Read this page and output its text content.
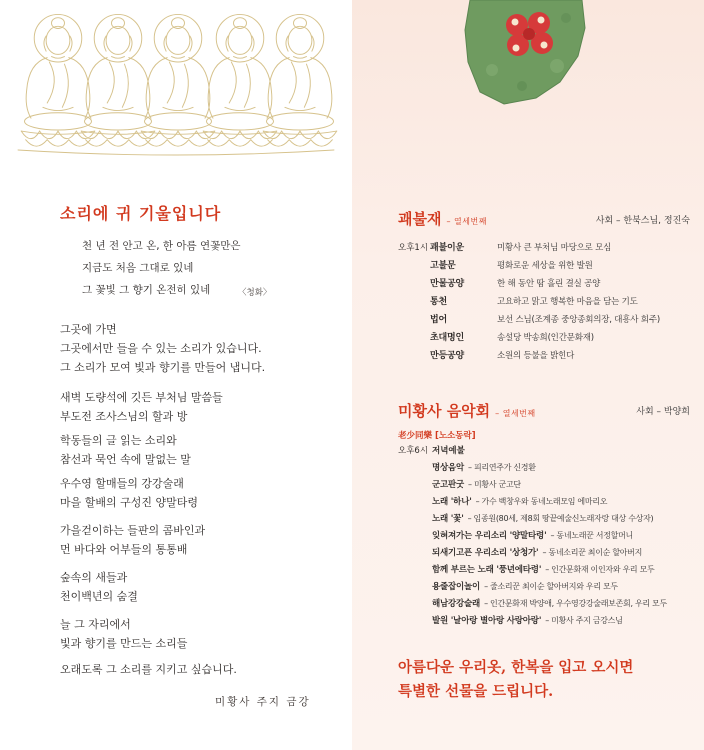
소리에 귀 기울입니다
천 년 전 안고 온, 한 아름 연꽃만은
지금도 처음 그대로 있네
그 꽃빛 그 향기 온전히 있네	〈청화〉
그곳에 가면
그곳에서만 들을 수 있는 소리가 있습니다.
그 소리가 모여 빛과 향기를 만들어 냅니다.
새벽 도량석에 깃든 부처님 말씀들
부도전 조사스님의 할과 방
학동들의 글 읽는 소리와
참선과 묵언 속에 말없는 말
우수영 할매들의 강강술래
마을 할배의 구성진 양말타령
가을걷이하는 들판의 콤바인과
먼 바다와 어부들의 통통배
숲속의 새들과
천이백년의 숨결
늘 그 자리에서
빛과 향기를 만드는 소리들
오래도록 그 소리를 지키고 싶습니다.
미황사 주지 금강
괘불재 – 열세번째	사회 – 한북스님, 정진숙
오후1시 괘불이운	미황사 큰 부처님 마당으로 모심
고불문	평화로운 세상을 위한 발원
만물공양	한 해 동안 땀 흘린 결실 공양
통천	고요하고 맑고 행복한 마음을 담는 기도
법어	보선 스님(조계종 중앙종회의장, 대흥사 회주)
초대명인	송설당 박송희(인간문화재)
만등공양	소원의 등불을 밝힌다
미황사 음악회 – 열세번째	사회 – 박양희
老少同樂 [노소동락]
오후6시 저녁예불
명상음악 – 피리연주가 신경환
군고판굿 – 미황사 군고단
노래 '하나' – 가수 백창우와 동네노래모임 에마리오
노래 '꽃' – 임종원(80세, 제8회 땅끝예술신노래자랑 대상 수상자)
잊혀져가는 우리소리 '양말타령' – 동네노래꾼 서정할머니
되새기고픈 우리소리 '상청가' – 동네소리꾼 최이순 할아버지
함께 부르는 노래 '풍년에타령' – 인간문화재 이인자와 우리 모두
용줄잡이놀이 – 줄소리꾼 최이순 할아버지와 우리 모두
해남강강술래 – 인간문화재 박양애, 우수영강강술래보존회, 우리 모두
발원 '날아랑 별아랑 사랑아랑' – 미황사 주지 금강스님
아름다운 우리옷, 한복을 입고 오시면
특별한 선물을 드립니다.
